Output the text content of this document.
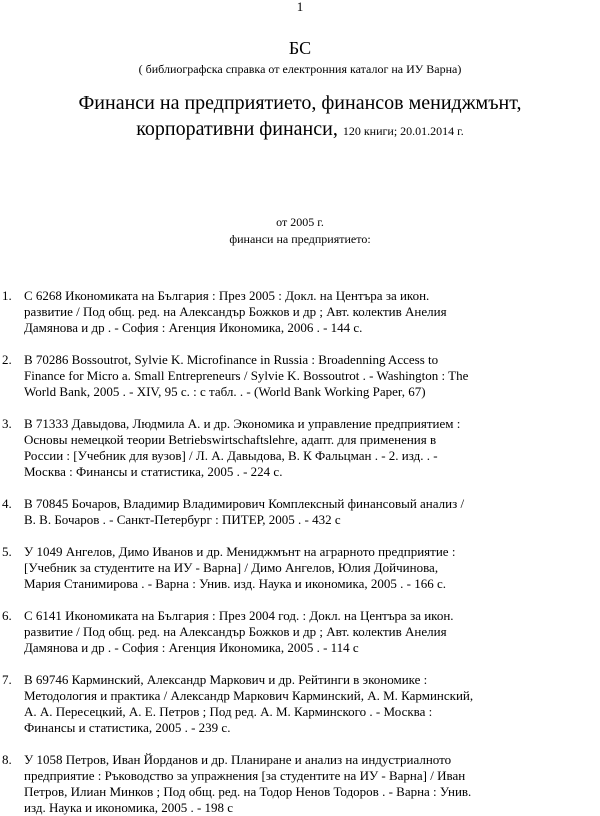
1
БС
( библиографска справка от електронния каталог на ИУ Варна)
Финанси на предприятието, финансов мениджмънт,
корпоративни финанси, 120 книги; 20.01.2014 г.
от 2005 г.
финанси на предприятието:
1. С 6268 Икономиката на България : През 2005 : Докл. на Центъра за икон.
развитие / Под общ. ред. на Александър Божков и др ; Авт. колектив Анелия
Дамянова и др . - София : Агенция Икономика, 2006 . - 144 с.
2. В 70286 Bossoutrot, Sylvie K. Microfinance in Russia : Broadenning Access to
Finance for Micro a. Small Entrepreneurs / Sylvie K. Bossoutrot . - Washington : The
World Bank, 2005 . - XIV, 95 с. : с табл. . - (World Bank Working Paper, 67)
3. В 71333 Давыдова, Людмила А. и др. Экономика и управление предприятием :
Основы немецкой теории Betriebswirtschaftslehre, адапт. для применения в
России : [Учебник для вузов] / Л. А. Давыдова, В. К Фальцман . - 2. изд. . -
Москва : Финансы и статистика, 2005 . - 224 с.
4. В 70845 Бочаров, Владимир Владимирович Комплексный финансовый анализ /
В. В. Бочаров . - Санкт-Петербург : ПИТЕР, 2005 . - 432 с
5. У 1049 Ангелов, Димо Иванов и др. Мениджмънт на аграрното предприятие :
[Учебник за студентите на ИУ - Варна] / Димо Ангелов, Юлия Дойчинова,
Мария Станимирова . - Варна : Унив. изд. Наука и икономика, 2005 . - 166 с.
6. С 6141 Икономиката на България : През 2004 год. : Докл. на Центъра за икон.
развитие / Под общ. ред. на Александър Божков и др ; Авт. колектив Анелия
Дамянова и др . - София : Агенция Икономика, 2005 . - 114 с
7. В 69746 Карминский, Александр Маркович и др. Рейтинги в экономике :
Методология и практика / Александр Маркович Карминский, А. М. Карминский,
А. А. Пересецкий, А. Е. Петров ; Под ред. А. М. Карминского . - Москва :
Финансы и статистика, 2005 . - 239 с.
8. У 1058 Петров, Иван Йорданов и др. Планиране и анализ на индустриалното
предприятие : Ръководство за упражнения [за студентите на ИУ - Варна] / Иван
Петров, Илиан Минков ; Под общ. ред. на Тодор Ненов Тодоров . - Варна : Унив.
изд. Наука и икономика, 2005 . - 198 с
